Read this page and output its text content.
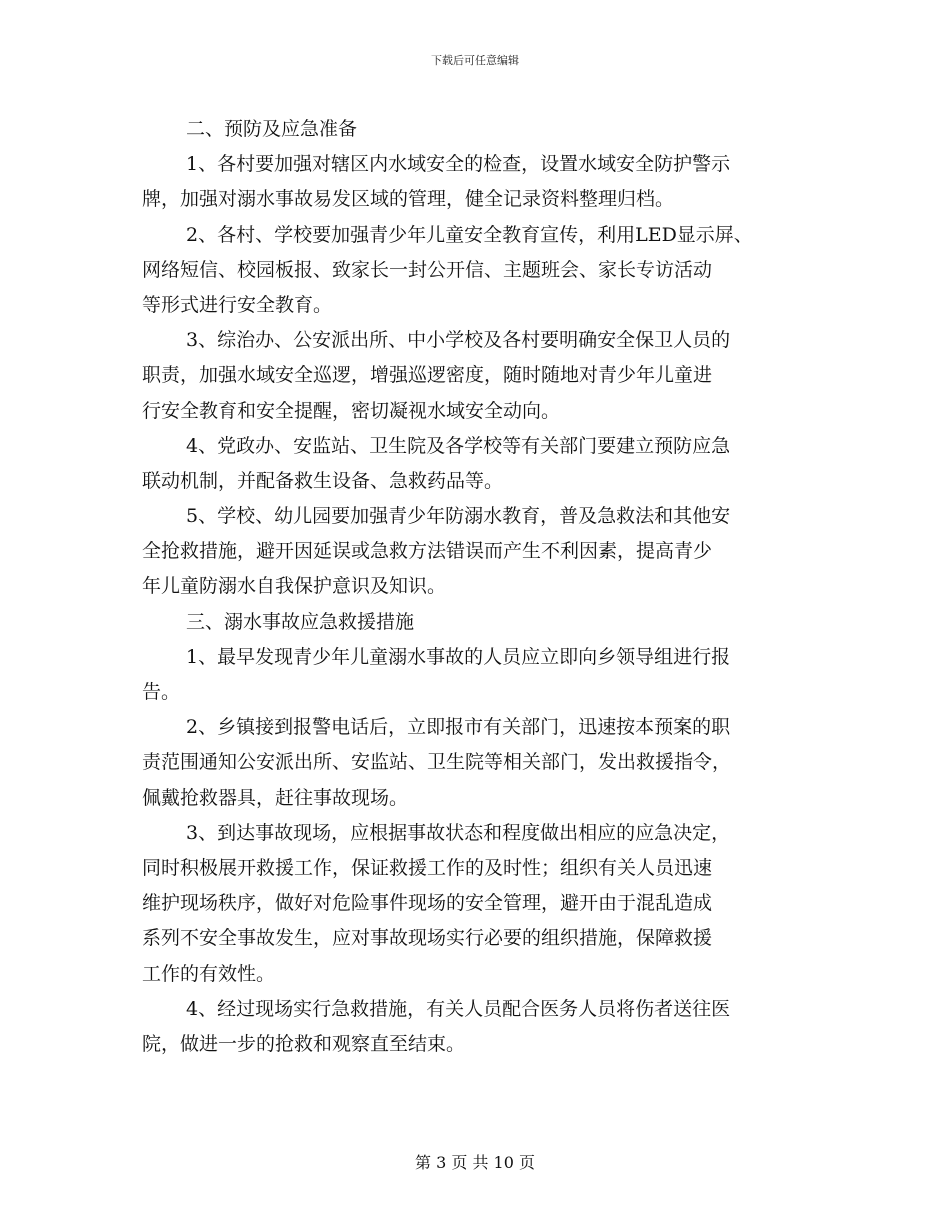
下载后可任意编辑
二、预防及应急准备
1、各村要加强对辖区内水域安全的检查，设置水域安全防护警示
牌，加强对溺水事故易发区域的管理，健全记录资料整理归档。
2、各村、学校要加强青少年儿童安全教育宣传，利用LED显示屏、
网络短信、校园板报、致家长一封公开信、主题班会、家长专访活动
等形式进行安全教育。
3、综治办、公安派出所、中小学校及各村要明确安全保卫人员的
职责，加强水域安全巡逻，增强巡逻密度，随时随地对青少年儿童进
行安全教育和安全提醒，密切凝视水域安全动向。
4、党政办、安监站、卫生院及各学校等有关部门要建立预防应急
联动机制，并配备救生设备、急救药品等。
5、学校、幼儿园要加强青少年防溺水教育，普及急救法和其他安
全抢救措施，避开因延误或急救方法错误而产生不利因素，提高青少
年儿童防溺水自我保护意识及知识。
三、溺水事故应急救援措施
1、最早发现青少年儿童溺水事故的人员应立即向乡领导组进行报
告。
2、乡镇接到报警电话后，立即报市有关部门，迅速按本预案的职
责范围通知公安派出所、安监站、卫生院等相关部门，发出救援指令，
佩戴抢救器具，赶往事故现场。
3、到达事故现场，应根据事故状态和程度做出相应的应急决定，
同时积极展开救援工作，保证救援工作的及时性；组织有关人员迅速
维护现场秩序，做好对危险事件现场的安全管理，避开由于混乱造成
系列不安全事故发生，应对事故现场实行必要的组织措施，保障救援
工作的有效性。
4、经过现场实行急救措施，有关人员配合医务人员将伤者送往医
院，做进一步的抢救和观察直至结束。
第 3 页 共 10 页
